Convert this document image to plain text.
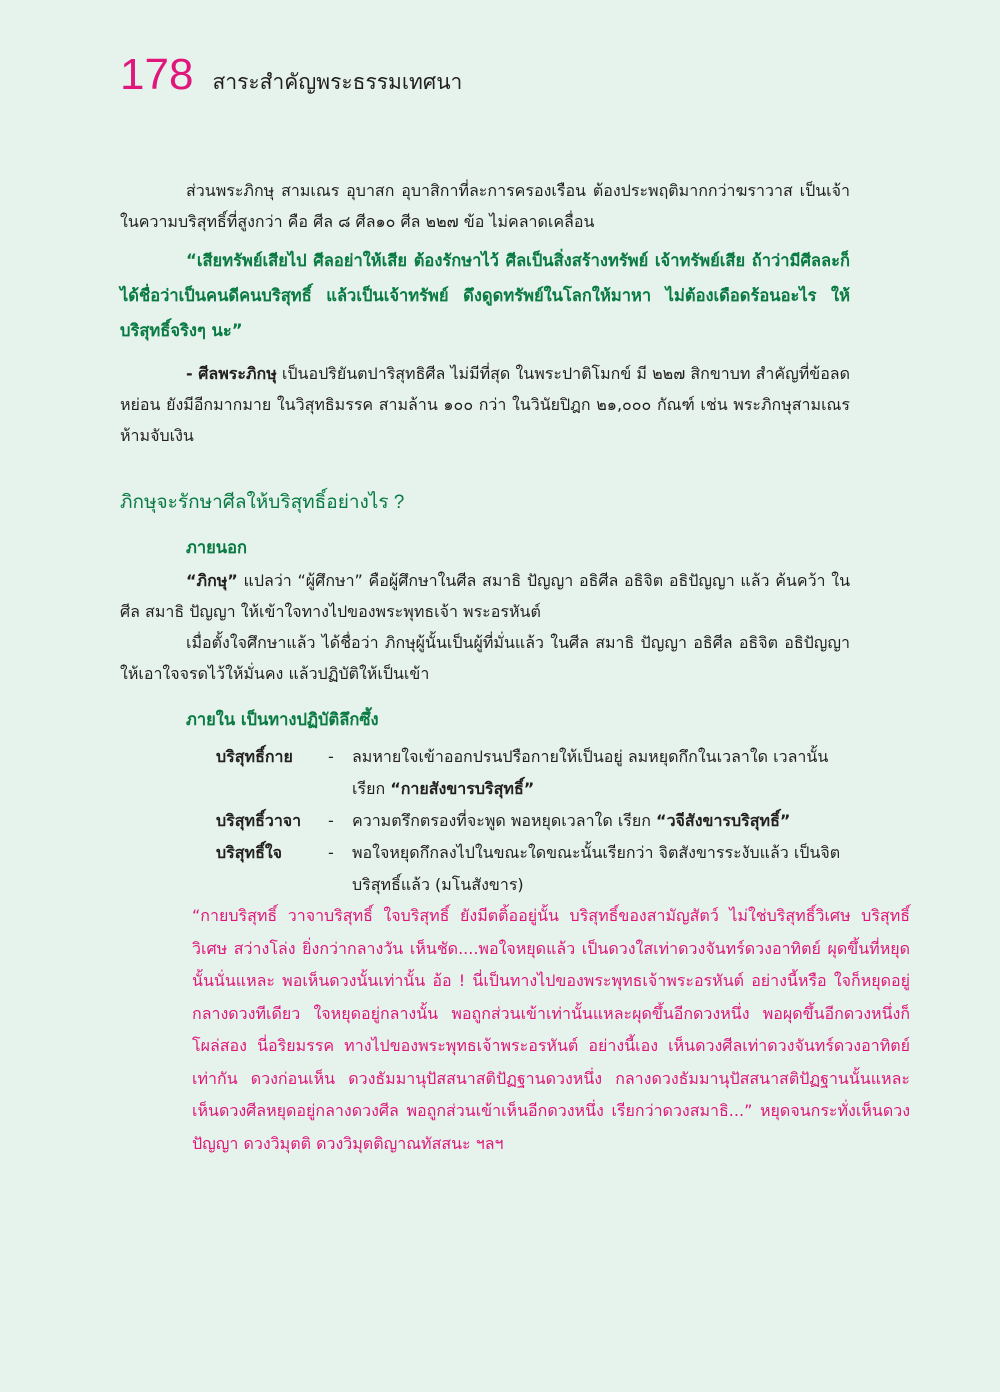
178 สาระสำคัญพระธรรมเทศนา

ส่วนพระภิกษุ สามเณร อุบาสก อุบาสิกาที่ละการครองเรือน ต้องประพฤติมากกว่าฆราวาส เป็นเจ้าในความบริสุทธิ์ที่สูงกว่า คือ ศีล ๘ ศีล๑๐ ศีล ๒๒๗ ข้อ ไม่คลาดเคลื่อน

“เสียทรัพย์เสียไป ศีลอย่าให้เสีย ต้องรักษาไว้ ศีลเป็นสิ่งสร้างทรัพย์ เจ้าทรัพย์เสีย ถ้าว่ามีศีลละก็ ได้ชื่อว่าเป็นคนดีคนบริสุทธิ์ แล้วเป็นเจ้าทรัพย์ ดึงดูดทรัพย์ในโลกให้มาหา ไม่ต้องเดือดร้อนอะไร ให้บริสุทธิ์จริงๆ นะ”

- ศีลพระภิกษุ เป็นอปริยันตปาริสุทธิศีล ไม่มีที่สุด ในพระปาติโมกข์ มี ๒๒๗ สิกขาบท สำคัญที่ข้อลดหย่อน ยังมีอีกมากมาย ในวิสุทธิมรรค สามล้าน ๑๐๐ กว่า ในวินัยปิฎก ๒๑,๐๐๐ กัณฑ์ เช่น พระภิกษุสามเณร ห้ามจับเงิน

ภิกษุจะรักษาศีลให้บริสุทธิ์อย่างไร ?
ภายนอก

“ภิกษุ” แปลว่า “ผู้ศึกษา” คือผู้ศึกษาในศีล สมาธิ ปัญญา อธิศีล อธิจิต อธิปัญญา แล้ว ค้นคว้า ในศีล สมาธิ ปัญญา ให้เข้าใจทางไปของพระพุทธเจ้า พระอรหันต์

เมื่อตั้งใจศึกษาแล้ว ได้ชื่อว่า ภิกษุผู้นั้นเป็นผู้ที่มั่นแล้ว ในศีล สมาธิ ปัญญา อธิศีล อธิจิต อธิปัญญา ให้เอาใจจรดไว้ให้มั่นคง แล้วปฏิบัติให้เป็นเข้า

ภายใน เป็นทางปฏิบัติลึกซึ้ง
บริสุทธิ์กาย	-	ลมหายใจเข้าออกปรนปรือกายให้เป็นอยู่ ลมหยุดกึกในเวลาใด เวลานั้นเรียก “กายสังขารบริสุทธิ์”
บริสุทธิ์วาจา	-	ความตรึกตรองที่จะพูด พอหยุดเวลาใด เรียก “วจีสังขารบริสุทธิ์”
บริสุทธิ์ใจ	-	พอใจหยุดกึกลงไปในขณะใดขณะนั้นเรียกว่า จิตสังขารระงับแล้ว เป็นจิตบริสุทธิ์แล้ว (มโนสังขาร)

“กายบริสุทธิ์ วาจาบริสุทธิ์ ใจบริสุทธิ์ ยังมีตติ้ออยู่นั้น บริสุทธิ์ของสามัญสัตว์ ไม่ใช่บริสุทธิ์วิเศษ บริสุทธิ์วิเศษ สว่างโล่ง ยิ่งกว่ากลางวัน เห็นชัด....พอใจหยุดแล้ว เป็นดวงใสเท่าดวงจันทร์ดวงอาทิตย์ ผุดขึ้นที่หยุดนั้นนั่นแหละ พอเห็นดวงนั้นเท่านั้น อ้อ ! นี่เป็นทางไปของพระพุทธเจ้าพระอรหันต์ อย่างนี้หรือ ใจก็หยุดอยู่กลางดวงทีเดียว ใจหยุดอยู่กลางนั้น พอถูกส่วนเข้าเท่านั้นแหละผุดขึ้นอีกดวงหนึ่ง พอผุดขึ้นอีกดวงหนึ่งก็โผล่สอง นี่อริยมรรค ทางไปของพระพุทธเจ้าพระอรหันต์ อย่างนี้เอง เห็นดวงศีลเท่าดวงจันทร์ดวงอาทิตย์เท่ากัน ดวงก่อนเห็น ดวงธัมมานุปัสสนาสติปัฏฐานดวงหนึ่ง กลางดวงธัมมานุปัสสนาสติปัฏฐานนั้นแหละเห็นดวงศีลหยุดอยู่กลางดวงศีล พอถูกส่วนเข้าเห็นอีกดวงหนึ่ง เรียกว่าดวงสมาธิ...” หยุดจนกระทั่งเห็นดวงปัญญา ดวงวิมุตติ ดวงวิมุตติญาณทัสสนะ ฯลฯ
